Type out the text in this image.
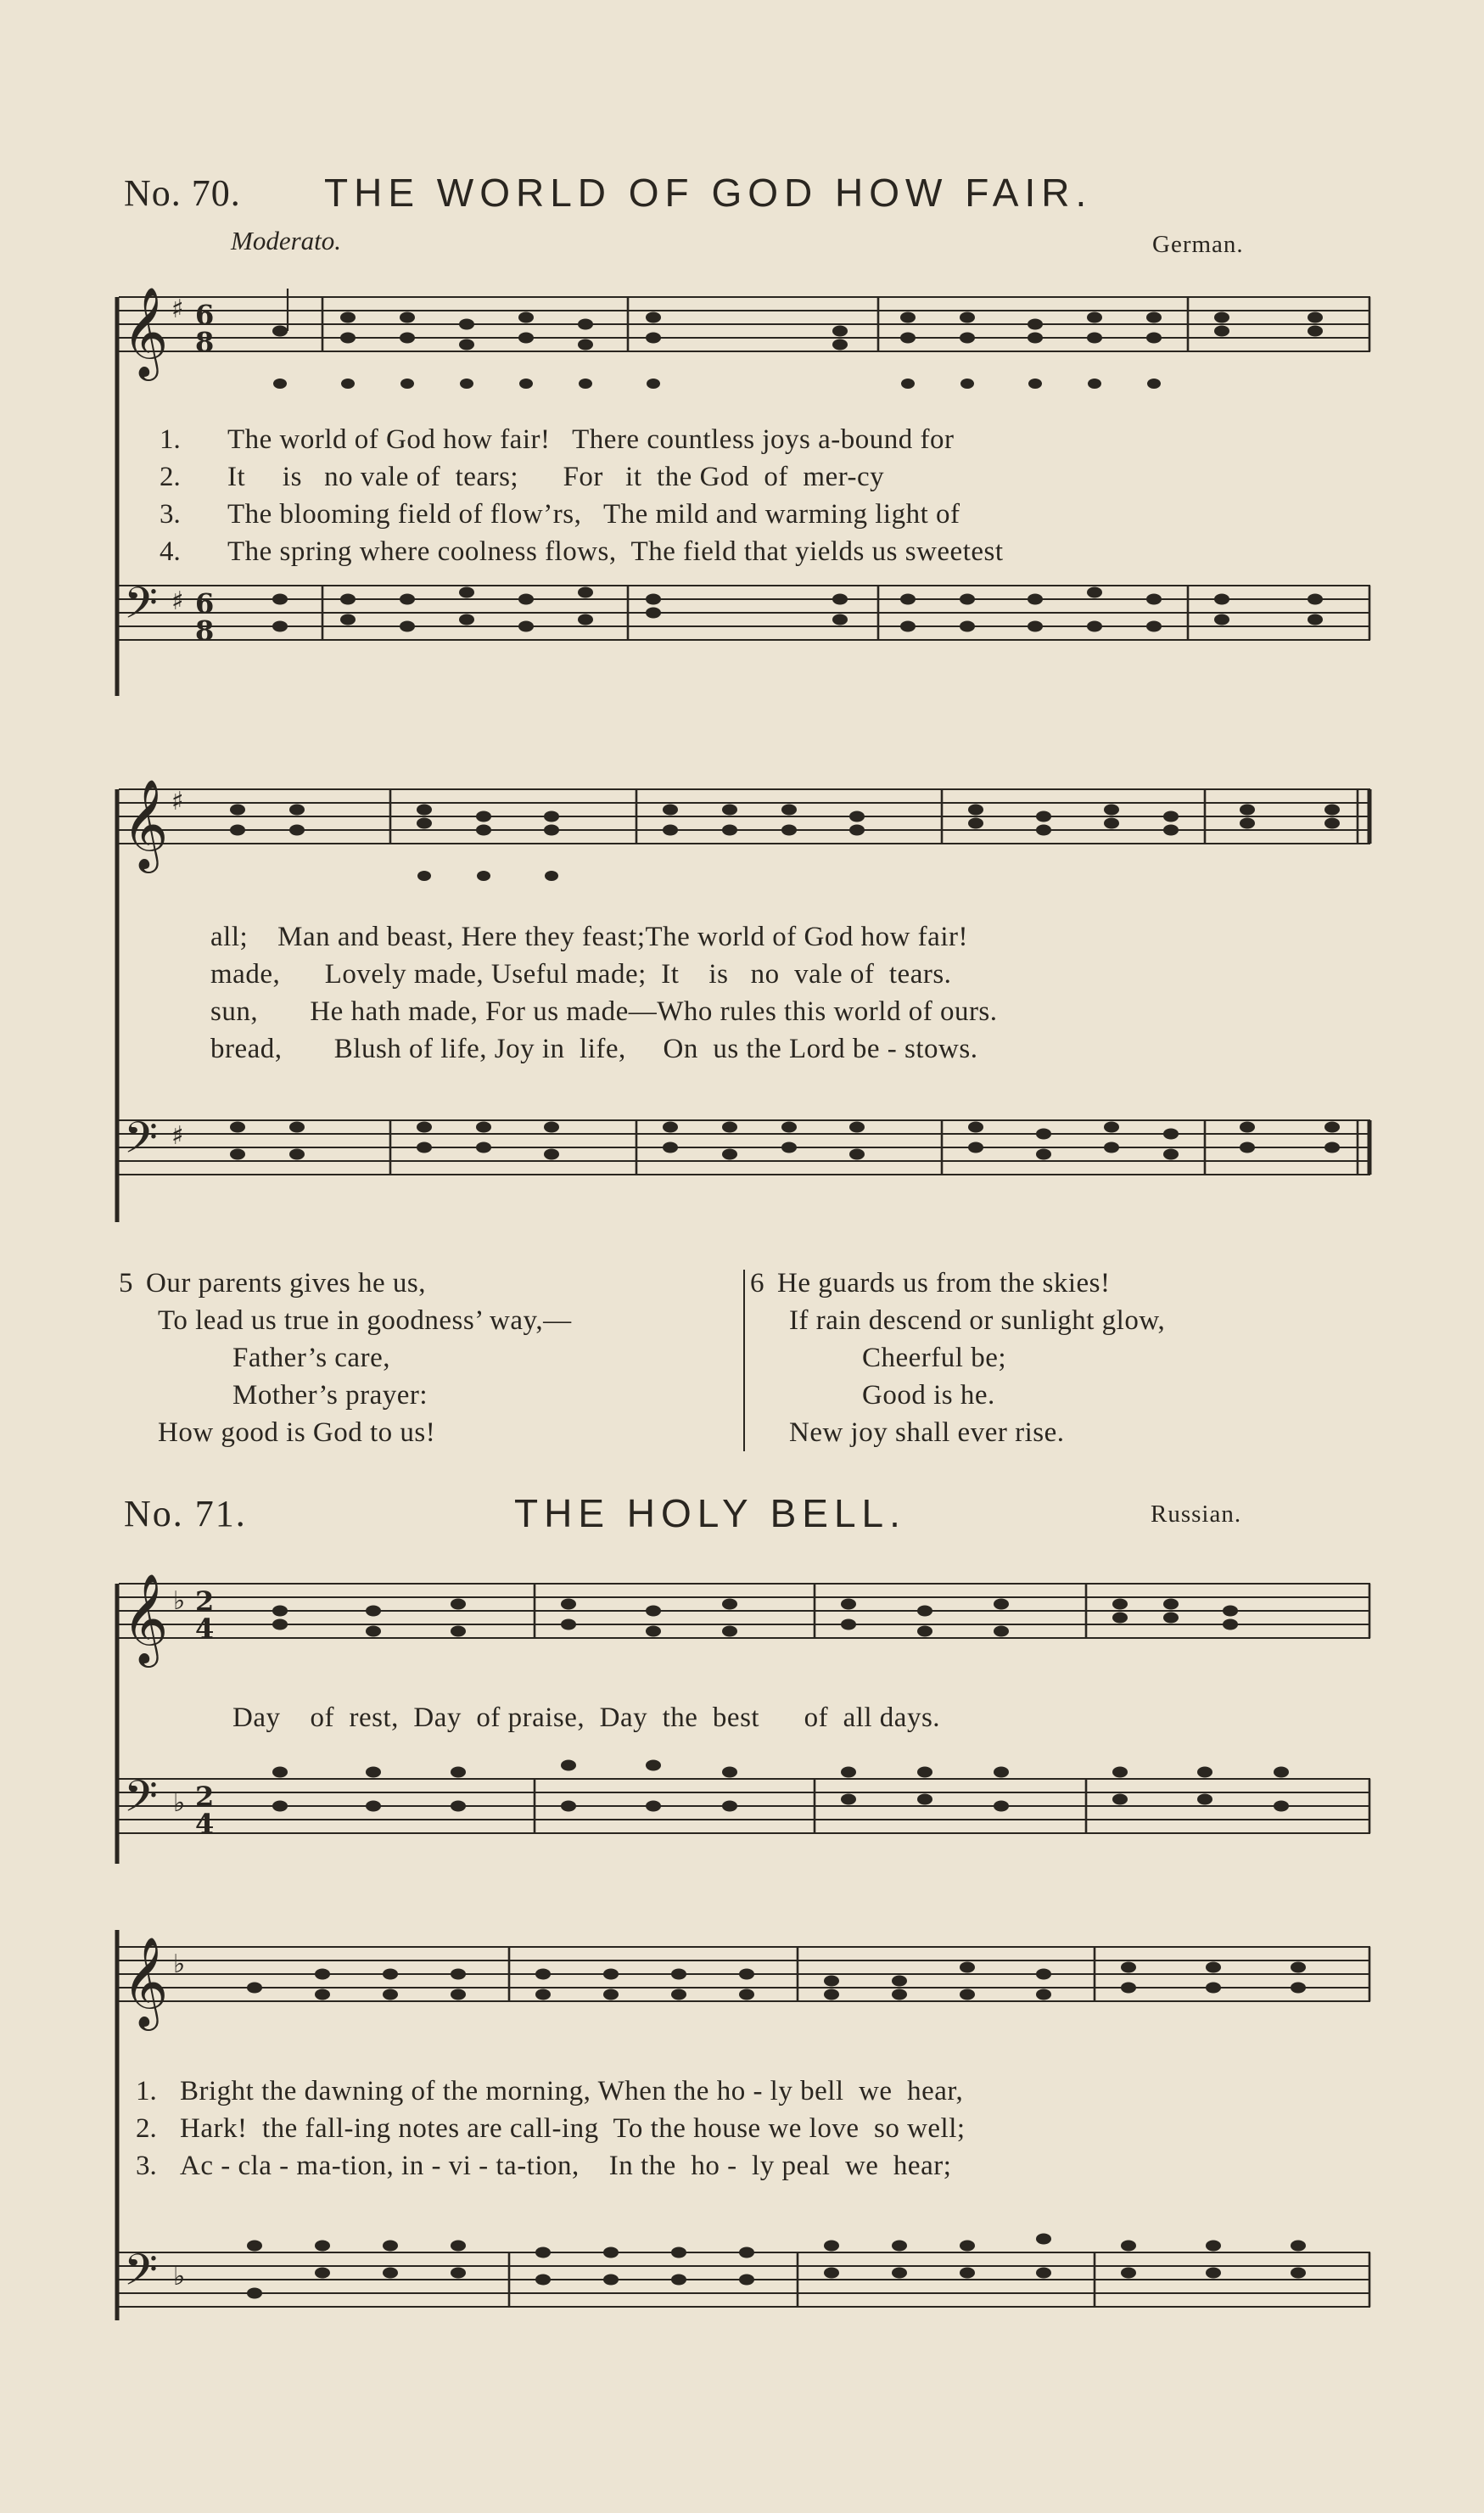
No. 70. THE WORLD OF GOD HOW FAIR.
Moderato.	German.
𝄞 ♯ 6
8
𝄢 ♯ 6
8
1.
2.
3.
4.
The world of God how fair!   There countless joys a-bound for
It     is   no vale of  tears;      For   it  the God  of  mer-cy
The blooming field of flow’rs,   The mild and warming light of
The spring where coolness flows,  The field that yields us sweetest
𝄞 ♯
𝄢 ♯
all;    Man and beast, Here they feast;The world of God how fair!
made,      Lovely made, Useful made;  It    is   no  vale of  tears.
sun,       He hath made, For us made—Who rules this world of ours.
bread,       Blush of life, Joy in  life,     On  us the Lord be - stows.
5 Our parents gives he us,
To lead us true in goodness’ way,—
Father’s care,
Mother’s prayer:
How good is God to us!
6 He guards us from the skies!
If rain descend or sunlight glow,
Cheerful be;
Good is he.
New joy shall ever rise.
No. 71.	THE HOLY BELL.	Russian.
𝄞 ♭ 2
4
𝄢 ♭ 2
4
Day    of  rest,  Day  of praise,  Day  the  best      of  all days.
𝄞 ♭
𝄢 ♭
1.
2.
3.
Bright the dawning of the morning, When the ho - ly bell  we  hear,
Hark!  the fall-ing notes are call-ing  To the house we love  so well;
Ac - cla - ma-tion, in - vi - ta-tion,    In the  ho -  ly peal  we  hear;
